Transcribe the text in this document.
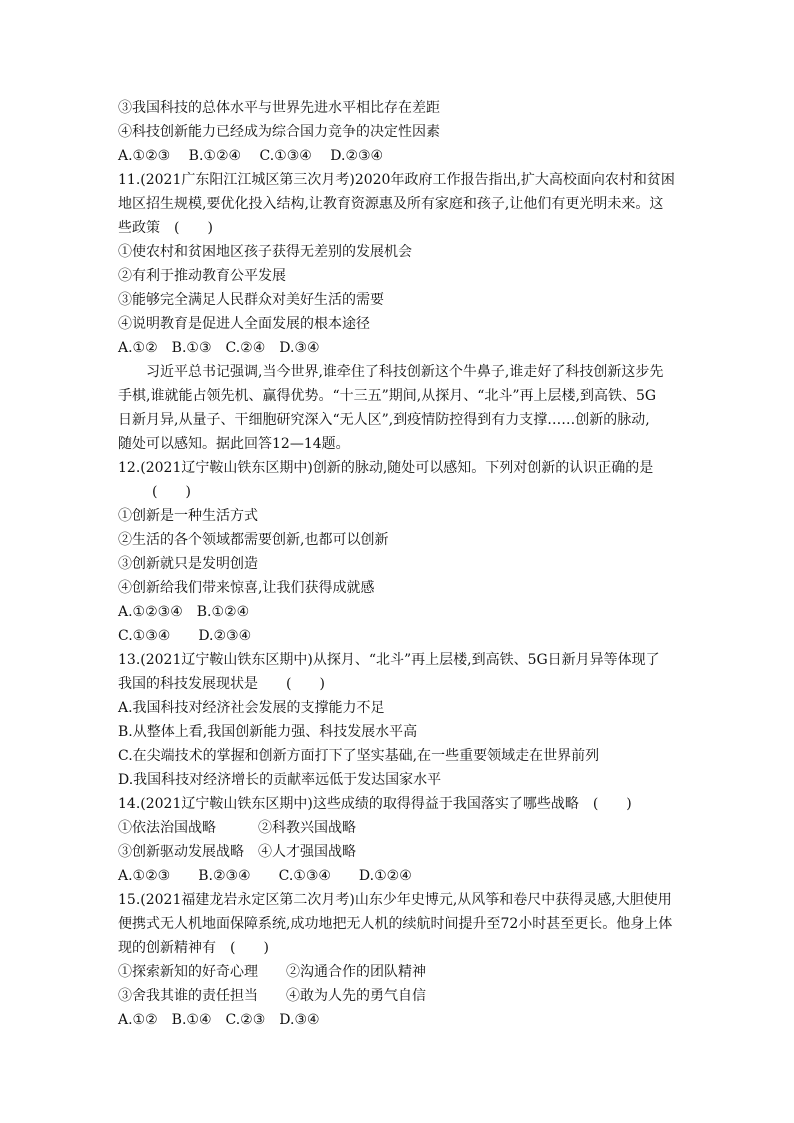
③我国科技的总体水平与世界先进水平相比存在差距
④科技创新能力已经成为综合国力竞争的决定性因素
A.①②③　 B.①②④　 C.①③④　 D.②③④
11.(2021广东阳江江城区第三次月考)2020年政府工作报告指出,扩大高校面向农村和贫困
地区招生规模,要优化投入结构,让教育资源惠及所有家庭和孩子,让他们有更光明未来。这
些政策　(　　)
①使农村和贫困地区孩子获得无差别的发展机会
②有利于推动教育公平发展
③能够完全满足人民群众对美好生活的需要
④说明教育是促进人全面发展的根本途径
A.①②　B.①③　C.②④　D.③④
习近平总书记强调,当今世界,谁牵住了科技创新这个牛鼻子,谁走好了科技创新这步先
手棋,谁就能占领先机、赢得优势。“十三五”期间,从探月、“北斗”再上层楼,到高铁、5G
日新月异,从量子、干细胞研究深入“无人区”,到疫情防控得到有力支撑……创新的脉动,
随处可以感知。据此回答12—14题。
12.(2021辽宁鞍山铁东区期中)创新的脉动,随处可以感知。下列对创新的认识正确的是
(　　)
①创新是一种生活方式
②生活的各个领域都需要创新,也都可以创新
③创新就只是发明创造
④创新给我们带来惊喜,让我们获得成就感
A.①②③④　B.①②④
C.①③④　　D.②③④
13.(2021辽宁鞍山铁东区期中)从探月、“北斗”再上层楼,到高铁、5G日新月异等体现了
我国的科技发展现状是　　(　　)
A.我国科技对经济社会发展的支撑能力不足
B.从整体上看,我国创新能力强、科技发展水平高
C.在尖端技术的掌握和创新方面打下了坚实基础,在一些重要领域走在世界前列
D.我国科技对经济增长的贡献率远低于发达国家水平
14.(2021辽宁鞍山铁东区期中)这些成绩的取得得益于我国落实了哪些战略　(　　)
①依法治国战略　　　②科教兴国战略
③创新驱动发展战略　④人才强国战略
A.①②③　　B.②③④　　C.①③④　　D.①②④
15.(2021福建龙岩永定区第二次月考)山东少年史博元,从风筝和卷尺中获得灵感,大胆使用
便携式无人机地面保障系统,成功地把无人机的续航时间提升至72小时甚至更长。他身上体
现的创新精神有　(　　)
①探索新知的好奇心理　　②沟通合作的团队精神
③舍我其谁的责任担当　　④敢为人先的勇气自信
A.①②　B.①④　C.②③　D.③④
